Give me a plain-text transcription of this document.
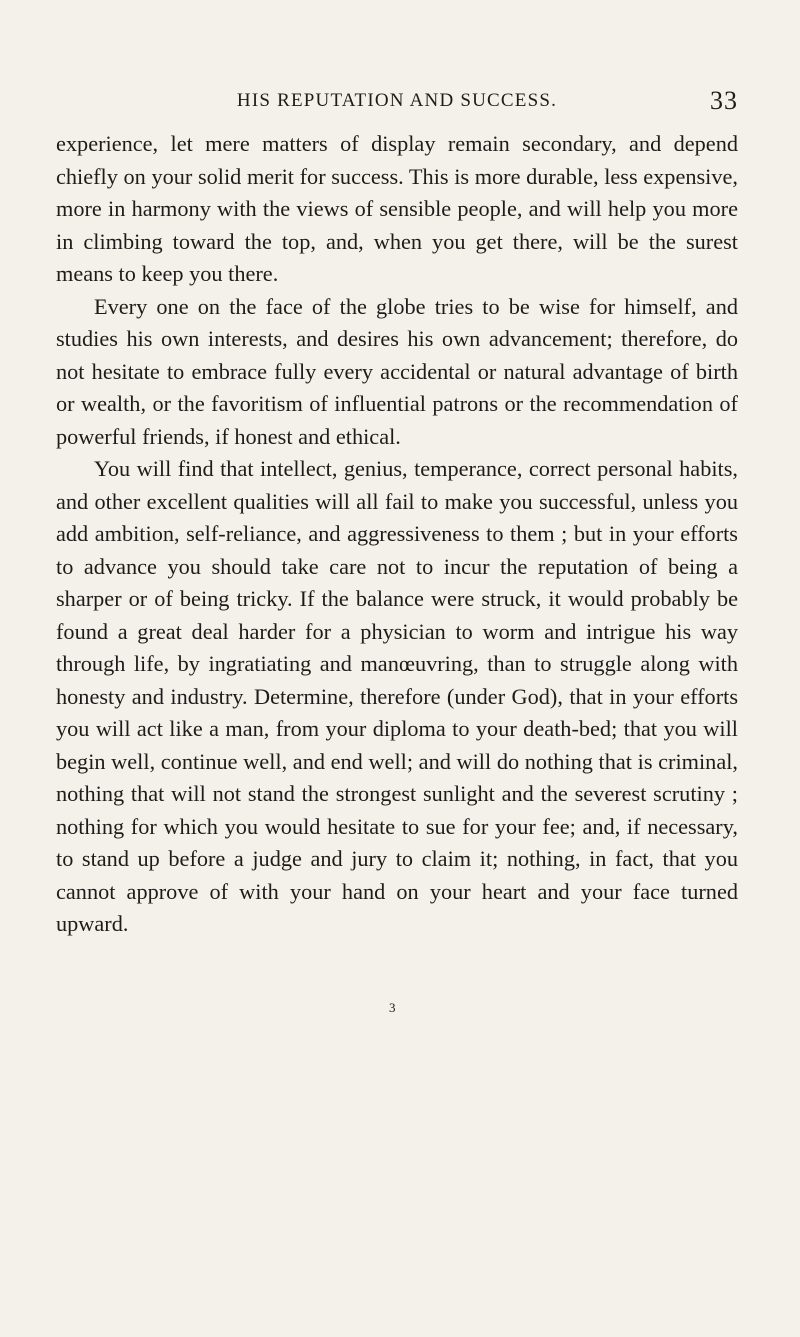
HIS REPUTATION AND SUCCESS.	33

experience, let mere matters of display remain secondary, and depend chiefly on your solid merit for success. This is more durable, less expensive, more in harmony with the views of sensible people, and will help you more in climbing toward the top, and, when you get there, will be the surest means to keep you there.

Every one on the face of the globe tries to be wise for himself, and studies his own interests, and desires his own advancement; therefore, do not hesitate to embrace fully every accidental or natural advantage of birth or wealth, or the favoritism of influential patrons or the recommendation of powerful friends, if honest and ethical.

You will find that intellect, genius, temperance, correct personal habits, and other excellent qualities will all fail to make you successful, unless you add ambition, self-reliance, and aggressiveness to them ; but in your efforts to advance you should take care not to incur the reputation of being a sharper or of being tricky. If the balance were struck, it would probably be found a great deal harder for a physician to worm and intrigue his way through life, by ingratiating and manœuvring, than to struggle along with honesty and industry. Determine, therefore (under God), that in your efforts you will act like a man, from your diploma to your death-bed; that you will begin well, continue well, and end well; and will do nothing that is criminal, nothing that will not stand the strongest sunlight and the severest scrutiny ; nothing for which you would hesitate to sue for your fee; and, if necessary, to stand up before a judge and jury to claim it; nothing, in fact, that you cannot approve of with your hand on your heart and your face turned upward.

3
